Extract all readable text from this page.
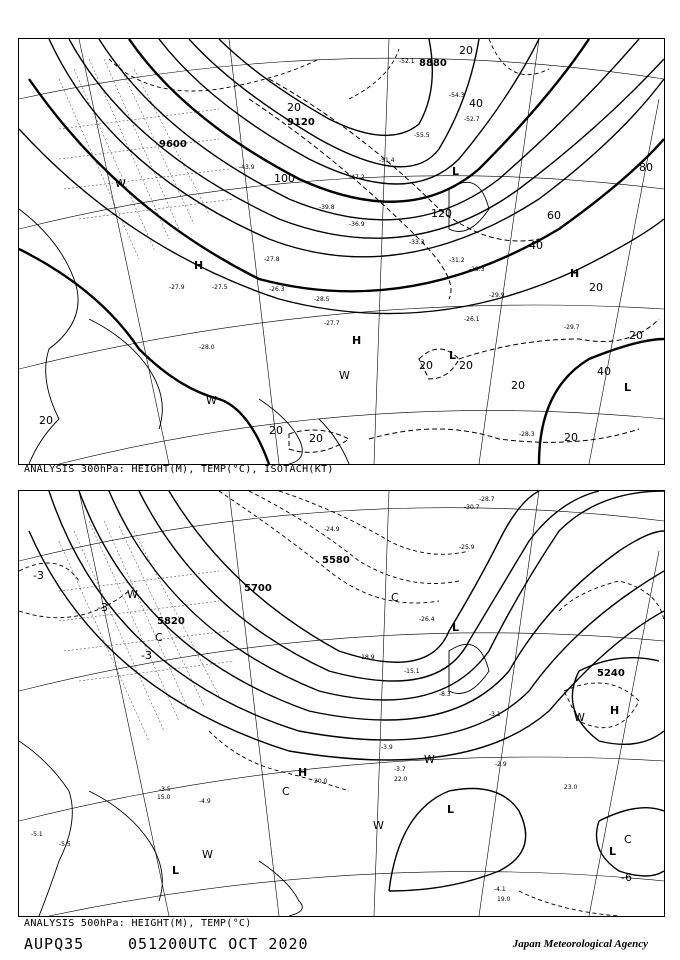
9600
9120
8880
40
60
80
100
120
40
20
20 20
20
40
20
20
20
20
20
20
20
H
H
H
L
L
L
W
W
W
-27.9
-28.0
-28.5
-28.3
-27.7
-29.3
-29.9
-31.2
-33.3
-36.9
-39.8
-43.9
-47.2
-51.4
-52.1
-54.3
-55.5
-52.7
-27.5
-26.1
-29.7
-27.8
-26.3
ANALYSIS 300hPa: HEIGHT(M), TEMP(°C), ISOTACH(KT)
5700
5580
5820
5240
-3
-3
-6
-3
H
H
L
L
L
L
W
W
W
W
W
C
C
C
C
-3.5
-4.9
-5.1
-5.5
-4.1
-3.9
-3.7
-2.9
-3.1
-8.3
-15.1
-18.9
-24.9
-25.9
-26.4
-28.7
-30.7
22.0
23.0
19.0
15.0
20.0
ANALYSIS 500hPa: HEIGHT(M), TEMP(°C)
AUPQ35	051200UTC OCT 2020	Japan Meteorological Agency
